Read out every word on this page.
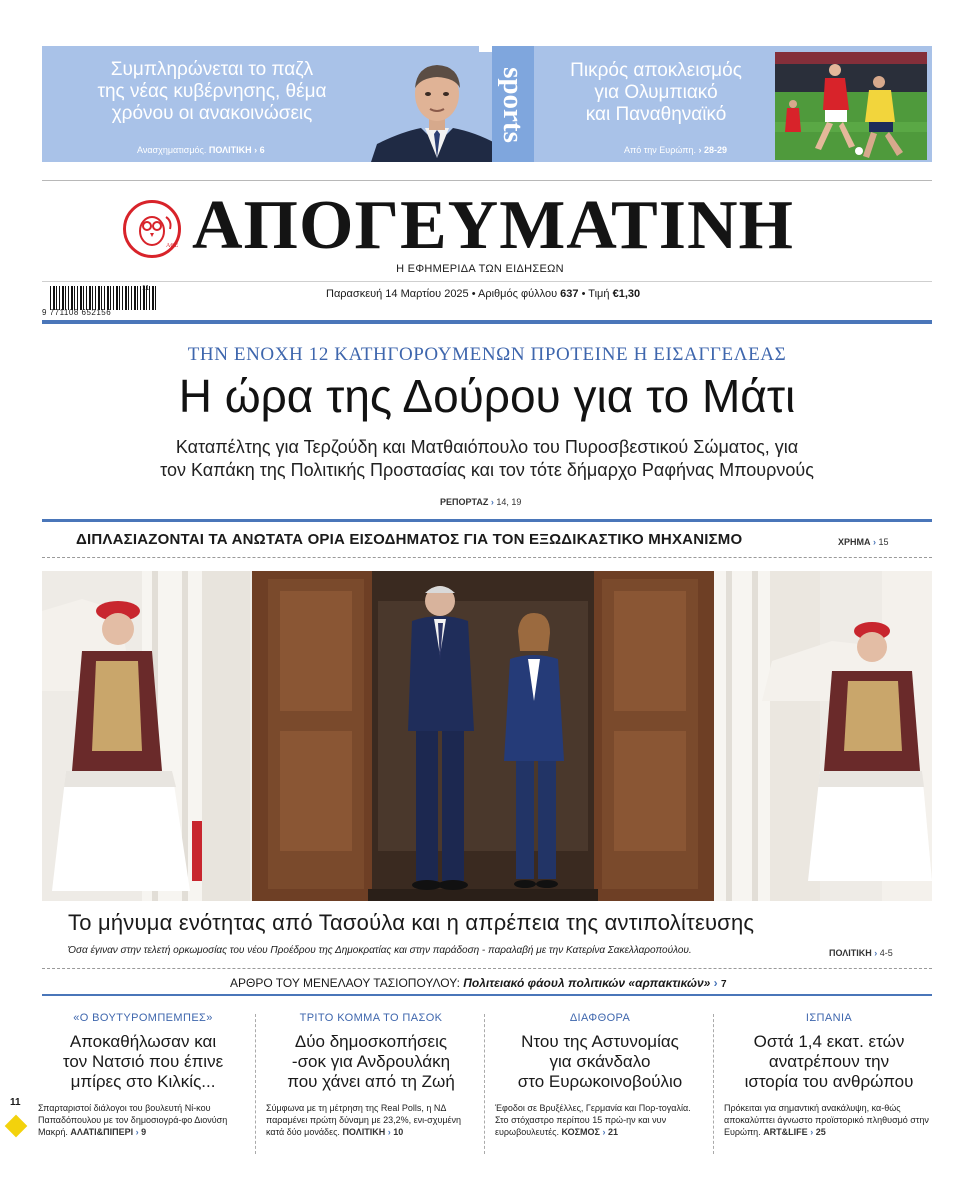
Συμπληρώνεται το παζλ
της νέας κυβέρνησης, θέμα
χρόνου οι ανακοινώσεις
Ανασχηματισμός. ΠΟΛΙΤΙΚΗ › 6
sports	Πικρός αποκλεισμός
για Ολυμπιακό
και Παναθηναϊκό
Από την Ευρώπη. › 28-29
AΘE ΑΠΟΓΕΥΜΑΤΙΝΗ
Η ΕΦΗΜΕΡΙΔΑ ΤΩΝ ΕΙΔΗΣΕΩΝ
11
9 771108 652156
Παρασκευή 14 Μαρτίου 2025 • Αριθμός φύλλου 637 • Τιμή €1,30
ΤΗΝ ΕΝΟΧΗ 12 ΚΑΤΗΓΟΡΟΥΜΕΝΩΝ ΠΡΟΤΕΙΝΕ Η ΕΙΣΑΓΓΕΛΕΑΣ
Η ώρα της Δούρου για το Μάτι
Καταπέλτης για Τερζούδη και Ματθαιόπουλο του Πυροσβεστικού Σώματος, για
τον Καπάκη της Πολιτικής Προστασίας και τον τότε δήμαρχο Ραφήνας Μπουρνούς
ΡΕΠΟΡΤΑΖ › 14, 19
ΔΙΠΛΑΣΙΑΖΟΝΤΑΙ ΤΑ ΑΝΩΤΑΤΑ ΟΡΙΑ ΕΙΣΟΔΗΜΑΤΟΣ ΓΙΑ ΤΟΝ ΕΞΩΔΙΚΑΣΤΙΚΟ ΜΗΧΑΝΙΣΜΟ	ΧΡΗΜΑ › 15
Το μήνυμα ενότητας από Τασούλα και η απρέπεια της αντιπολίτευσης
Όσα έγιναν στην τελετή ορκωμοσίας του νέου Προέδρου της Δημοκρατίας και στην παράδοση - παραλαβή με την Κατερίνα Σακελλαροπούλου.	ΠΟΛΙΤΙΚΗ › 4-5
ΑΡΘΡΟ ΤΟΥ ΜΕΝΕΛΑΟΥ ΤΑΣΙΟΠΟΥΛΟΥ: Πολιτειακό φάουλ πολιτικών «αρπακτικών» › 7
«Ο ΒΟΥΤΥΡΟΜΠΕΜΠΕΣ»
Αποκαθήλωσαν και
τον Νατσιό που έπινε
μπίρες στο Κιλκίς...
Σπαρταριστοί διάλογοι του βουλευτή Νί-κου Παπαδόπουλου με τον δημοσιογρά-φο Διονύση Μακρή. ΑΛΑΤΙ&ΠΙΠΕΡΙ › 9
ΤΡΙΤΟ ΚΟΜΜΑ ΤΟ ΠΑΣΟΚ
Δύο δημοσκοπήσεις
-σοκ για Ανδρουλάκη
που χάνει από τη Ζωή
Σύμφωνα με τη μέτρηση της Real Polls, η ΝΔ παραμένει πρώτη δύναμη με 23,2%, ενι-σχυμένη κατά δύο μονάδες. ΠΟΛΙΤΙΚΗ › 10
ΔΙΑΦΘΟΡΑ
Ντου της Αστυνομίας
για σκάνδαλο
στο Ευρωκοινοβούλιο
Έφοδοι σε Βρυξέλλες, Γερμανία και Πορ-τογαλία. Στο στόχαστρο περίπου 15 πρώ-ην και νυν ευρωβουλευτές. ΚΟΣΜΟΣ › 21
ΙΣΠΑΝΙΑ
Οστά 1,4 εκατ. ετών
ανατρέπουν την
ιστορία του ανθρώπου
Πρόκειται για σημαντική ανακάλυψη, κα-θώς αποκαλύπτει άγνωστο προϊστορικό πληθυσμό στην Ευρώπη. ART&LIFE › 25
11
